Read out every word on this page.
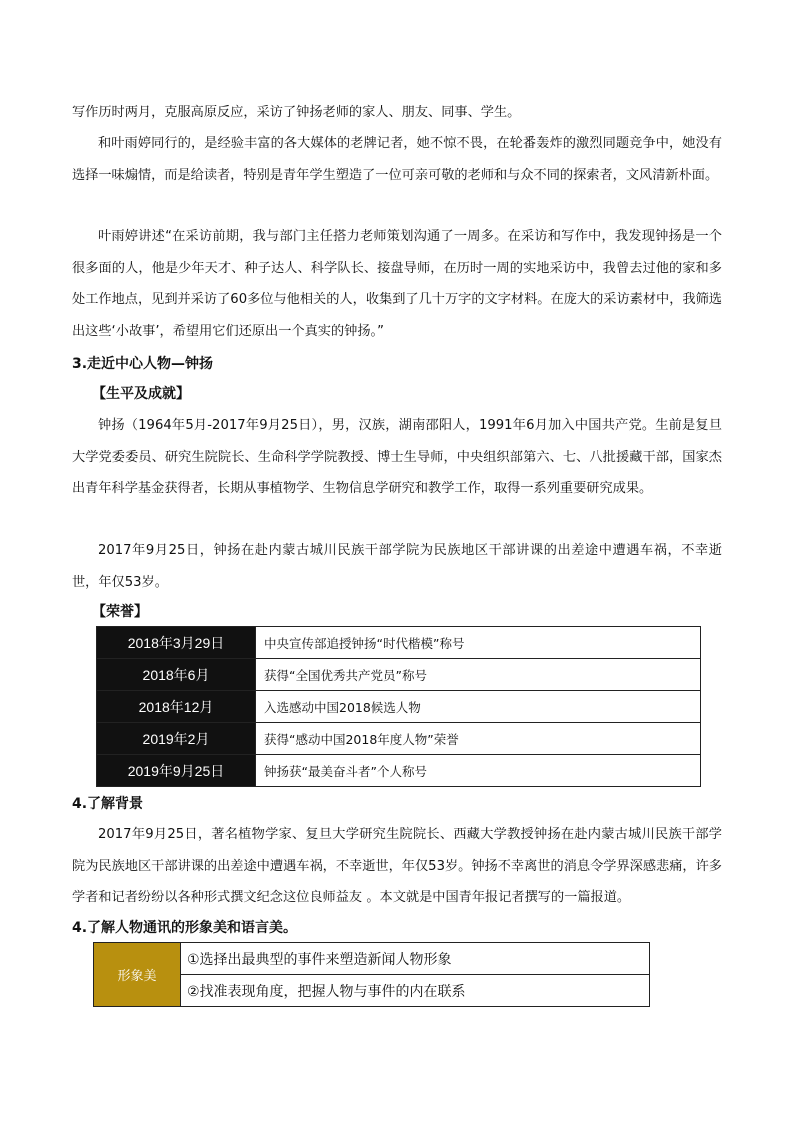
写作历时两月，克服高原反应，采访了钟扬老师的家人、朋友、同事、学生。

和叶雨婷同行的，是经验丰富的各大媒体的老牌记者，她不惊不畏，在轮番轰炸的激烈同题竞争中，她没有选择一味煽情，而是给读者，特别是青年学生塑造了一位可亲可敬的老师和与众不同的探索者，文风清新朴面。

叶雨婷讲述“在采访前期，我与部门主任搭力老师策划沟通了一周多。在采访和写作中，我发现钟扬是一个很多面的人，他是少年天才、种子达人、科学队长、接盘导师，在历时一周的实地采访中，我曾去过他的家和多处工作地点，见到并采访了60多位与他相关的人，收集到了几十万字的文字材料。在庞大的采访素材中，我筛选出这些‘小故事’，希望用它们还原出一个真实的钟扬。”

3.走近中心人物—钟扬

【生平及成就】

钟扬（1964年5月-2017年9月25日），男，汉族，湖南邵阳人，1991年6月加入中国共产党。生前是复旦大学党委委员、研究生院院长、生命科学学院教授、博士生导师，中央组织部第六、七、八批援藏干部，国家杰出青年科学基金获得者，长期从事植物学、生物信息学研究和教学工作，取得一系列重要研究成果。

2017年9月25日，钟扬在赴内蒙古城川民族干部学院为民族地区干部讲课的出差途中遭遇车祸，不幸逝世，年仅53岁。

【荣誉】

2018年3月29日	中央宣传部追授钟扬“时代楷模”称号
2018年6月	获得“全国优秀共产党员”称号
2018年12月	入选感动中国2018候选人物
2019年2月	获得“感动中国2018年度人物”荣誉
2019年9月25日	钟扬获“最美奋斗者”个人称号

4.了解背景

2017年9月25日，著名植物学家、复旦大学研究生院院长、西藏大学教授钟扬在赴内蒙古城川民族干部学院为民族地区干部讲课的出差途中遭遇车祸，不幸逝世，年仅53岁。钟扬不幸离世的消息令学界深感悲痛，许多学者和记者纷纷以各种形式撰文纪念这位良师益友 。本文就是中国青年报记者撰写的一篇报道。

4.了解人物通讯的形象美和语言美。

形象美	①选择出最典型的事件来塑造新闻人物形象
②找准表现角度，把握人物与事件的内在联系
